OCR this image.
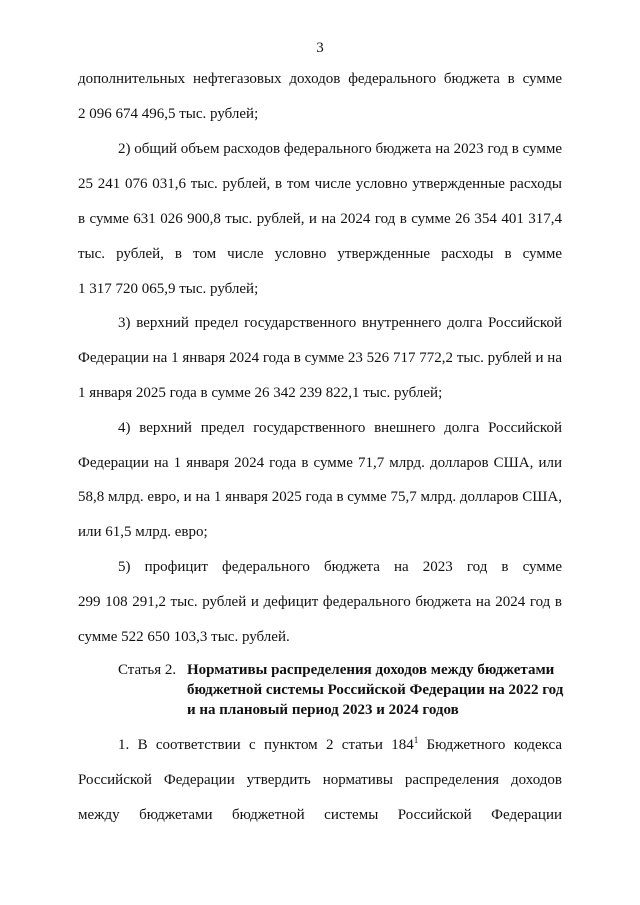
3
дополнительных нефтегазовых доходов федерального бюджета в сумме
2 096 674 496,5 тыс. рублей;
2) общий объем расходов федерального бюджета на 2023 год в сумме
25 241 076 031,6 тыс. рублей, в том числе условно утвержденные расходы
в сумме 631 026 900,8 тыс. рублей, и на 2024 год в сумме 26 354 401 317,4
тыс. рублей, в том числе условно утвержденные расходы в сумме
1 317 720 065,9 тыс. рублей;
3) верхний предел государственного внутреннего долга Российской
Федерации на 1 января 2024 года в сумме 23 526 717 772,2 тыс. рублей и на
1 января 2025 года в сумме 26 342 239 822,1 тыс. рублей;
4) верхний предел государственного внешнего долга Российской
Федерации на 1 января 2024 года в сумме 71,7 млрд. долларов США, или
58,8 млрд. евро, и на 1 января 2025 года в сумме 75,7 млрд. долларов США,
или 61,5 млрд. евро;
5) профицит федерального бюджета на 2023 год в сумме
299 108 291,2 тыс. рублей и дефицит федерального бюджета на 2024 год в
сумме 522 650 103,3 тыс. рублей.
Статья 2. Нормативы распределения доходов между бюджетами
бюджетной системы Российской Федерации на 2022 год
и на плановый период 2023 и 2024 годов
1. В соответствии с пунктом 2 статьи $184^1$ Бюджетного кодекса
Российской Федерации утвердить нормативы распределения доходов
между бюджетами бюджетной системы Российской Федерации
